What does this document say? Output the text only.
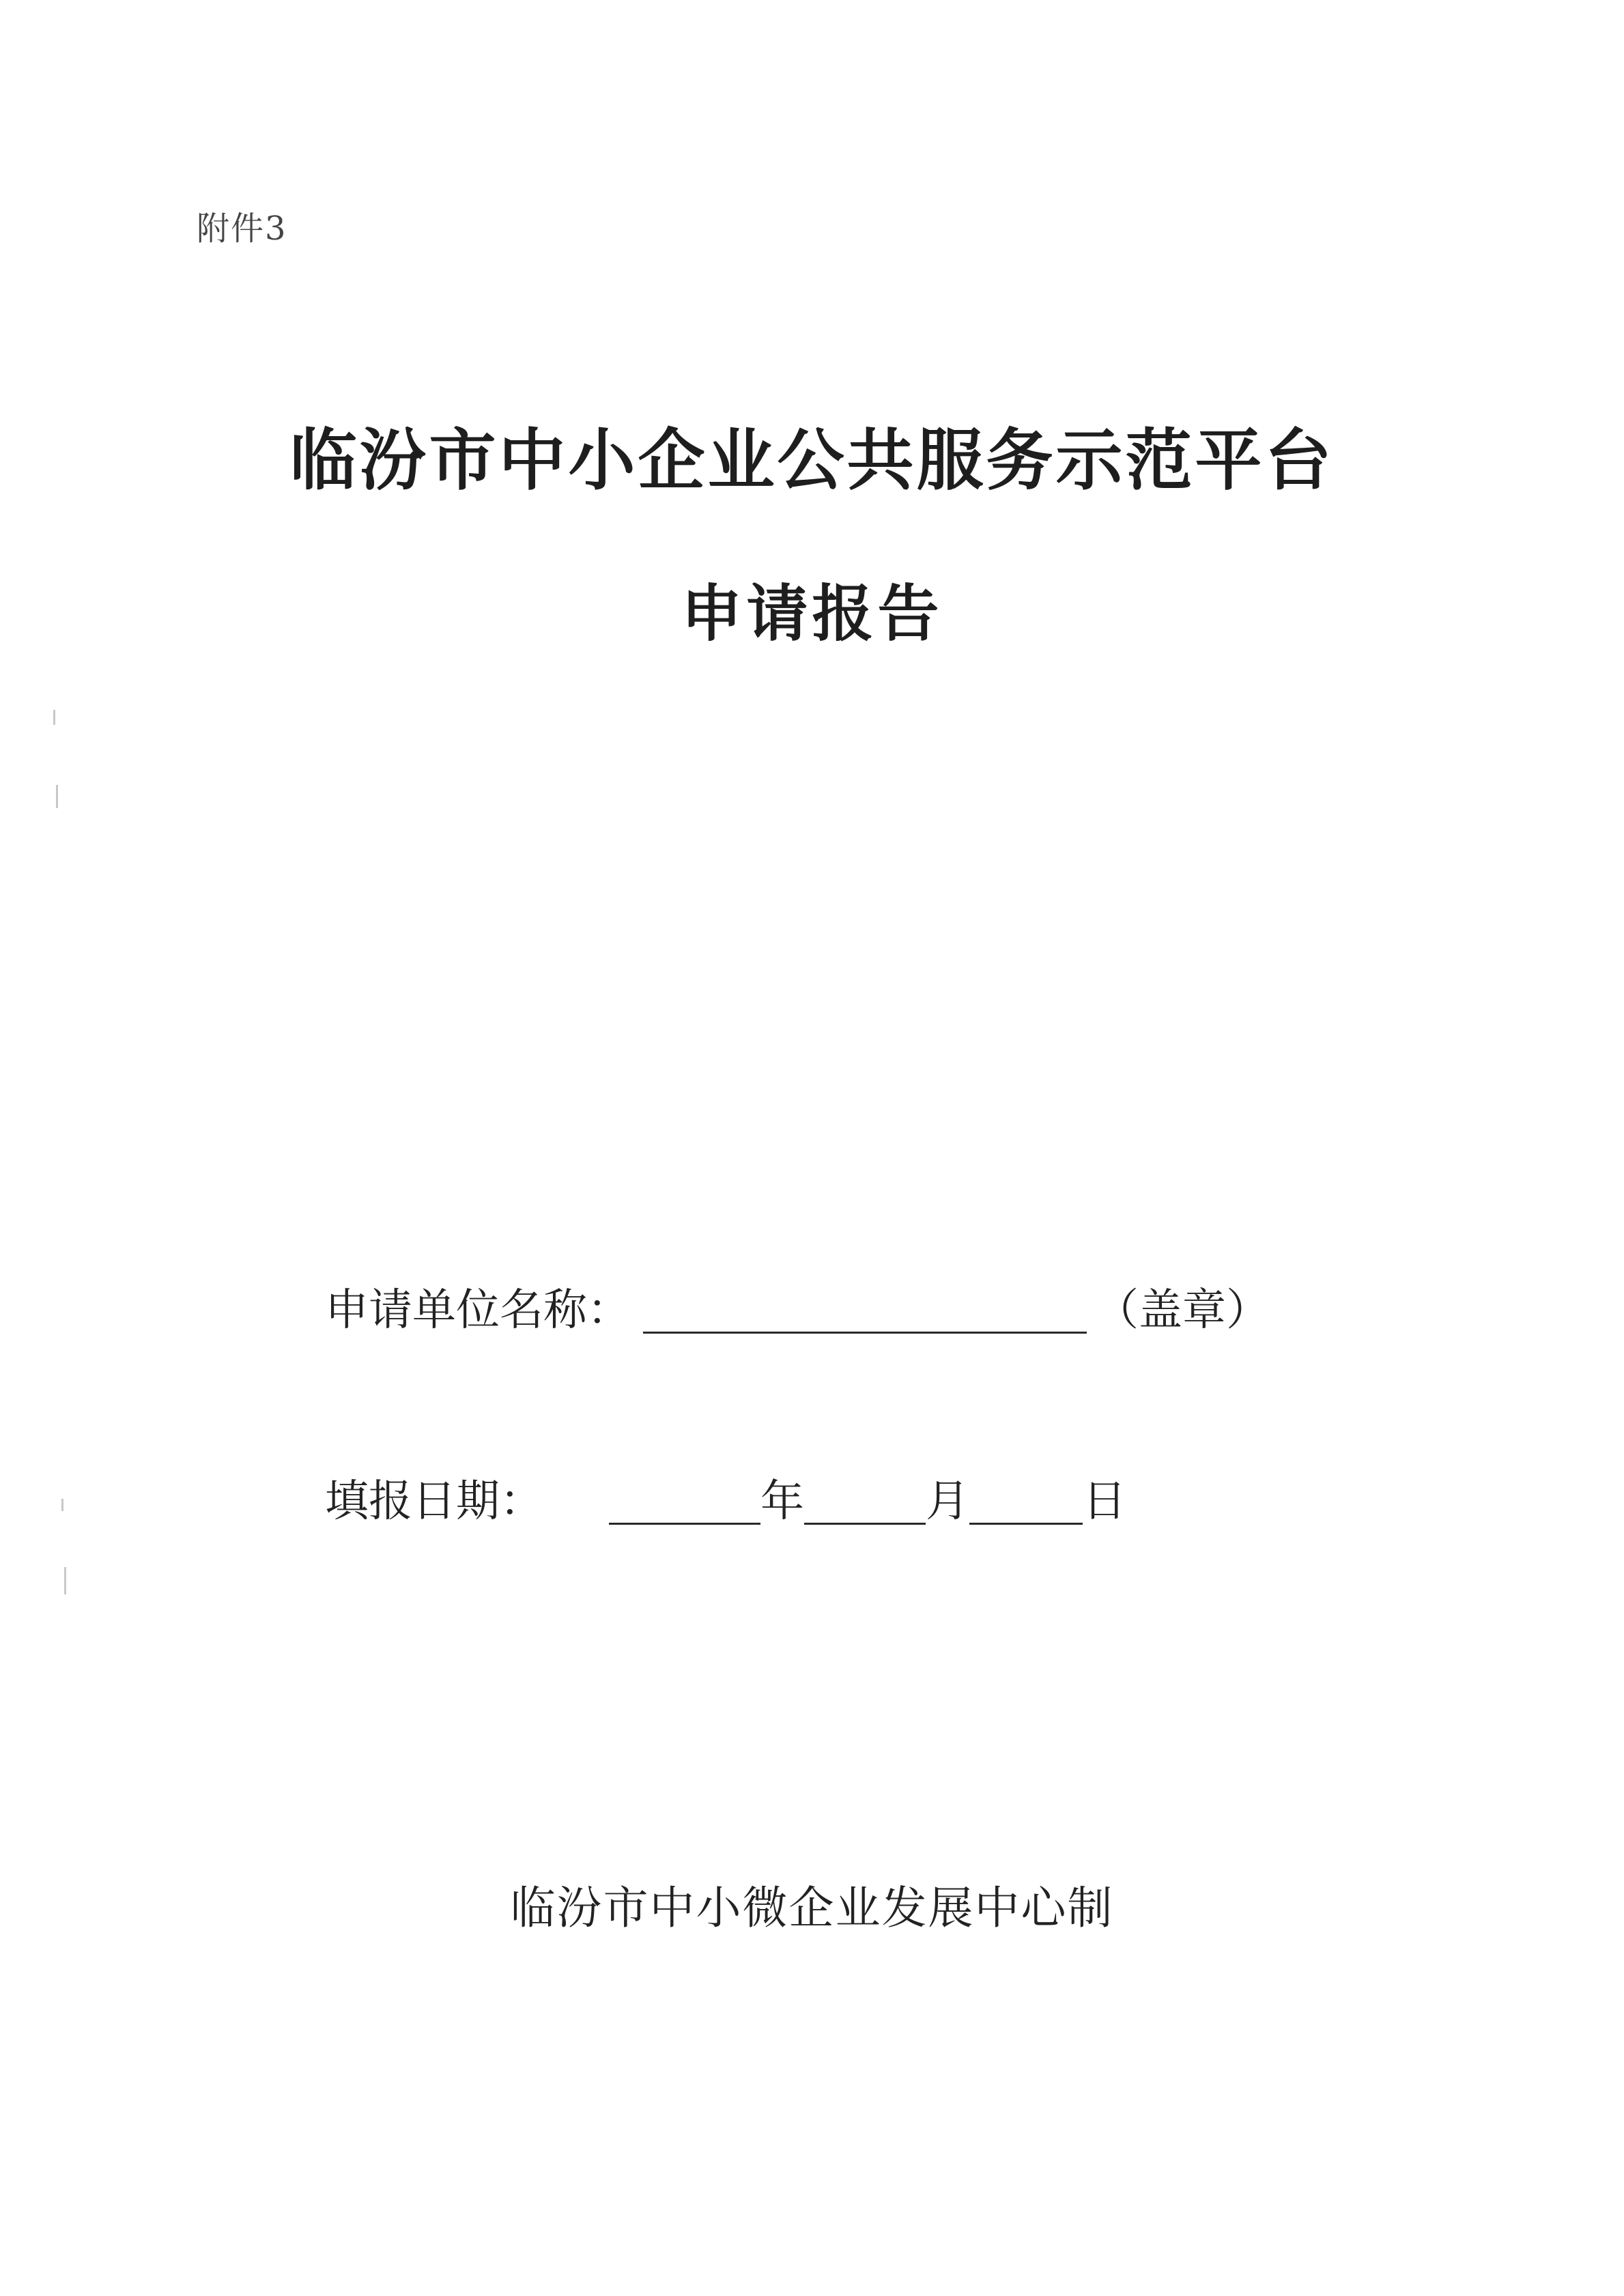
附件3
临汾市中小企业公共服务示范平台
申请报告
申请单位名称：	（盖章）
填报日期：	年	月	日
临汾市中小微企业发展中心制
